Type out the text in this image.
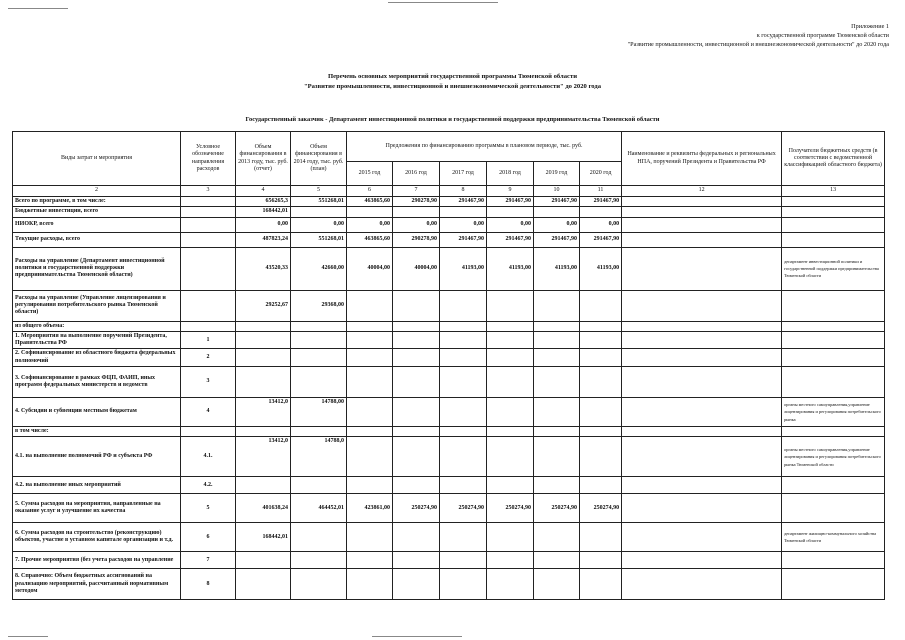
Приложение 1
к государственной программе Тюменской области
"Развитие промышленности, инвестиционной и внешнеэкономической деятельности" до 2020 года
Перечень основных мероприятий государственной программы Тюменской области
"Развитие промышленности, инвестиционной и внешнеэкономической деятельности" до 2020 года
Государственный заказчик - Департамент инвестиционной политики и государственной поддержки предпринимательства Тюменской области
Виды затрат и мероприятия	Условное обозначение направления расходов	Объем финансирования в 2013 году, тыс. руб. (отчет)	Объем финансирования в 2014 году, тыс. руб. (план)	Предложения по финансированию программы в плановом периоде, тыс. руб.						Наименование и реквизиты федеральных и региональных НПА, поручений Президента и Правительства РФ	Получатели бюджетных средств (в соответствии с ведомственной классификацией областного бюджета)
				2015 год	2016 год	2017 год	2018 год	2019 год	2020 год		
2	3	4	5	6	7	8	9	10	11	12	13
Всего по программе, в том числе:		656265,3	551268,01	463865,60	290278,90	291467,90	291467,90	291467,90	291467,90		
Бюджетные инвестиции, всего		168442,01									
НИОКР, всего		0,00	0,00	0,00	0,00	0,00	0,00	0,00	0,00		
Текущие расходы, всего		487823,24	551268,01	463865,60	290278,90	291467,90	291467,90	291467,90	291467,90		
Расходы на управление (Департамент инвестиционной политики и государственной поддержки предпринимательства Тюменской области)		43520,33	42660,00	40004,00	40004,00	41193,00	41193,00	41193,00	41193,00		департамент инвестиционной политики и государственной поддержки предпринимательства Тюменской области
Расходы на управление (Управление лицензирования и регулирования потребительского рынка Тюменской области)		29252,67	29368,00								
из общего объема:											
1. Мероприятия на выполнение поручений Президента, Правительства РФ	1										
2. Софинансирование из областного бюджета федеральных полномочий	2										
3. Софинансирование в рамках ФЦП, ФАИП, иных программ федеральных министерств и ведомств	3										
4. Субсидии и субвенции местным бюджетам	4	13412,0	14788,00								органы местного самоуправления,управление лицензирования и регулирования потребительского рынка
в том числе:											
4.1. на выполнение полномочий РФ и субъекта РФ	4.1.	13412,0	14788,0								органы местного самоуправления,управление лицензирования и регулирования потребительского рынка Тюменской области
4.2. на выполнение иных мероприятий	4.2.										
5. Сумма расходов на мероприятия, направленные на оказание услуг и улучшение их качества	5	401638,24	464452,01	423861,00	250274,90	250274,90	250274,90	250274,90	250274,90		
6. Сумма расходов на строительство (реконструкцию) объектов, участие в уставном капитале организации и т.д.	6	168442,01									департамент жилищно-коммунального хозяйства Тюменской области
7. Прочие мероприятия (без учета расходов на управление	7										
8. Справочно: Объем бюджетных ассигнований на реализацию мероприятий, рассчитанный нормативным методом	8										
